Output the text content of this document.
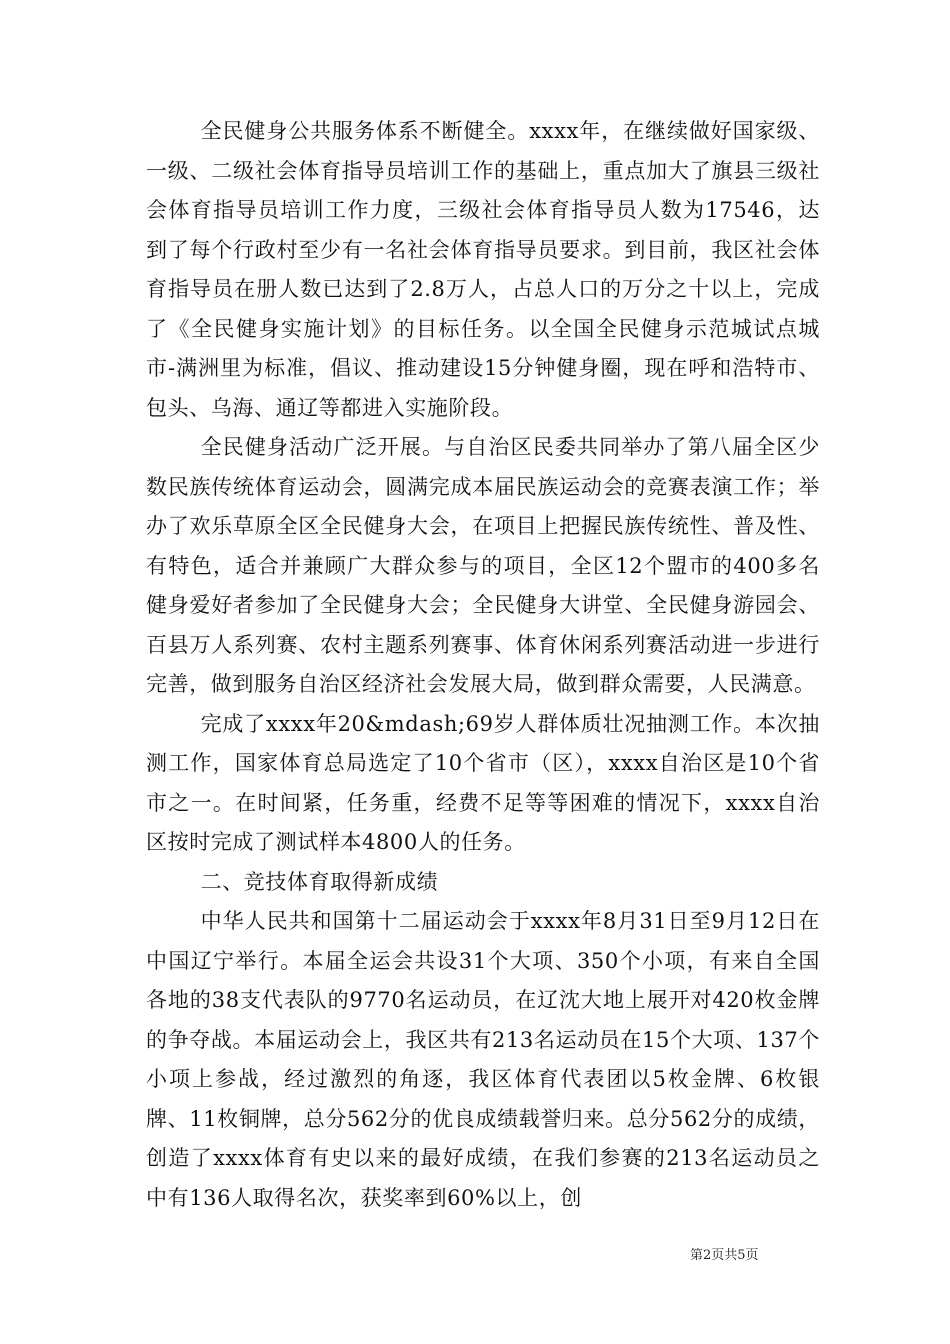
全民健身公共服务体系不断健全。xxxx年，在继续做好国家级、一级、二级社会体育指导员培训工作的基础上，重点加大了旗县三级社会体育指导员培训工作力度，三级社会体育指导员人数为17546，达到了每个行政村至少有一名社会体育指导员要求。到目前，我区社会体育指导员在册人数已达到了2.8万人，占总人口的万分之十以上，完成了《全民健身实施计划》的目标任务。以全国全民健身示范城试点城市-满洲里为标准，倡议、推动建设15分钟健身圈，现在呼和浩特市、包头、乌海、通辽等都进入实施阶段。

全民健身活动广泛开展。与自治区民委共同举办了第八届全区少数民族传统体育运动会，圆满完成本届民族运动会的竞赛表演工作；举办了欢乐草原全区全民健身大会，在项目上把握民族传统性、普及性、有特色，适合并兼顾广大群众参与的项目，全区12个盟市的400多名健身爱好者参加了全民健身大会；全民健身大讲堂、全民健身游园会、百县万人系列赛、农村主题系列赛事、体育休闲系列赛活动进一步进行完善，做到服务自治区经济社会发展大局，做到群众需要，人民满意。

完成了xxxx年20&mdash;69岁人群体质壮况抽测工作。本次抽测工作，国家体育总局选定了10个省市（区），xxxx自治区是10个省市之一。在时间紧，任务重，经费不足等等困难的情况下，xxxx自治区按时完成了测试样本4800人的任务。

二、竞技体育取得新成绩

中华人民共和国第十二届运动会于xxxx年8月31日至9月12日在中国辽宁举行。本届全运会共设31个大项、350个小项，有来自全国各地的38支代表队的9770名运动员，在辽沈大地上展开对420枚金牌的争夺战。本届运动会上，我区共有213名运动员在15个大项、137个小项上参战，经过激烈的角逐，我区体育代表团以5枚金牌、6枚银牌、11枚铜牌，总分562分的优良成绩载誉归来。总分562分的成绩，创造了xxxx体育有史以来的最好成绩，在我们参赛的213名运动员之中有136人取得名次，获奖率到60%以上，创

第2页共5页
